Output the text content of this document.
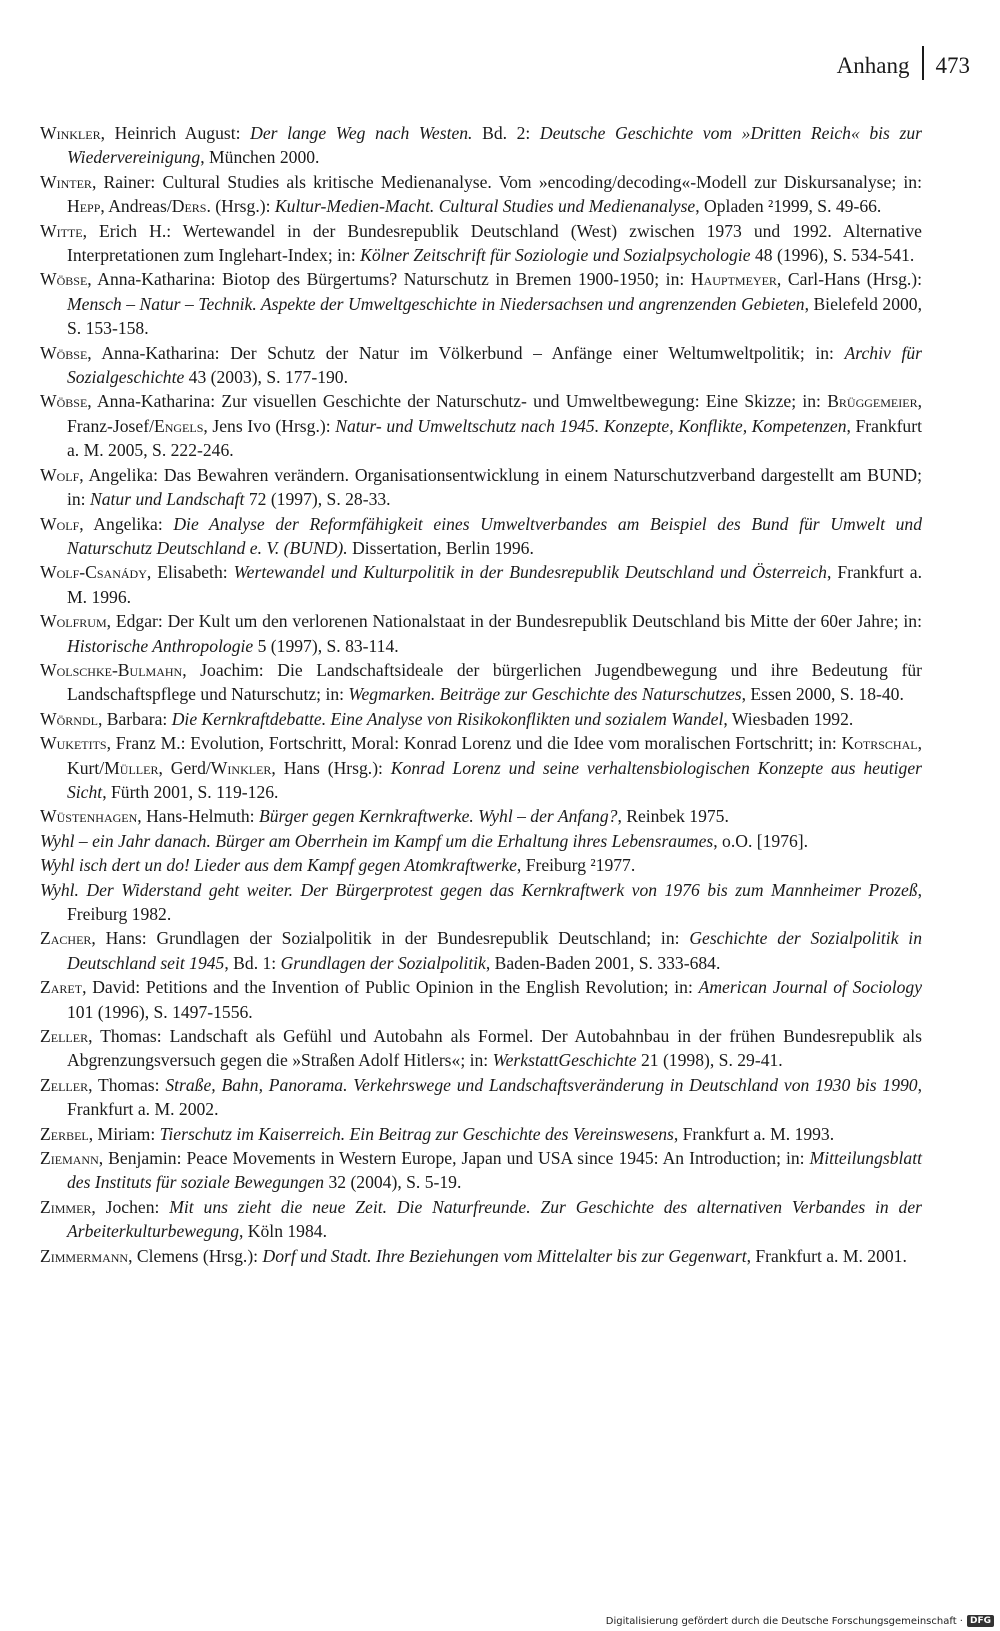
Anhang	473

Winkler, Heinrich August: Der lange Weg nach Westen. Bd. 2: Deutsche Geschichte vom »Dritten Reich« bis zur Wiedervereinigung, München 2000.

Winter, Rainer: Cultural Studies als kritische Medienanalyse. Vom »encoding/decoding«-Modell zur Diskursanalyse; in: Hepp, Andreas/Ders. (Hrsg.): Kultur-Medien-Macht. Cultural Studies und Medienanalyse, Opladen ²1999, S. 49-66.

Witte, Erich H.: Wertewandel in der Bundesrepublik Deutschland (West) zwischen 1973 und 1992. Alternative Interpretationen zum Inglehart-Index; in: Kölner Zeitschrift für Soziologie und Sozialpsychologie 48 (1996), S. 534-541.

Wöbse, Anna-Katharina: Biotop des Bürgertums? Naturschutz in Bremen 1900-1950; in: Hauptmeyer, Carl-Hans (Hrsg.): Mensch – Natur – Technik. Aspekte der Umweltgeschichte in Niedersachsen und angrenzenden Gebieten, Bielefeld 2000, S. 153-158.

Wöbse, Anna-Katharina: Der Schutz der Natur im Völkerbund – Anfänge einer Weltumweltpolitik; in: Archiv für Sozialgeschichte 43 (2003), S. 177-190.

Wöbse, Anna-Katharina: Zur visuellen Geschichte der Naturschutz- und Umweltbewegung: Eine Skizze; in: Brüggemeier, Franz-Josef/Engels, Jens Ivo (Hrsg.): Natur- und Umweltschutz nach 1945. Konzepte, Konflikte, Kompetenzen, Frankfurt a. M. 2005, S. 222-246.

Wolf, Angelika: Das Bewahren verändern. Organisationsentwicklung in einem Naturschutzverband dargestellt am BUND; in: Natur und Landschaft 72 (1997), S. 28-33.

Wolf, Angelika: Die Analyse der Reformfähigkeit eines Umweltverbandes am Beispiel des Bund für Umwelt und Naturschutz Deutschland e. V. (BUND). Dissertation, Berlin 1996.

Wolf-Csanády, Elisabeth: Wertewandel und Kulturpolitik in der Bundesrepublik Deutschland und Österreich, Frankfurt a. M. 1996.

Wolfrum, Edgar: Der Kult um den verlorenen Nationalstaat in der Bundesrepublik Deutschland bis Mitte der 60er Jahre; in: Historische Anthropologie 5 (1997), S. 83-114.

Wolschke-Bulmahn, Joachim: Die Landschaftsideale der bürgerlichen Jugendbewegung und ihre Bedeutung für Landschaftspflege und Naturschutz; in: Wegmarken. Beiträge zur Geschichte des Naturschutzes, Essen 2000, S. 18-40.

Wörndl, Barbara: Die Kernkraftdebatte. Eine Analyse von Risikokonflikten und sozialem Wandel, Wiesbaden 1992.

Wuketits, Franz M.: Evolution, Fortschritt, Moral: Konrad Lorenz und die Idee vom moralischen Fortschritt; in: Kotrschal, Kurt/Müller, Gerd/Winkler, Hans (Hrsg.): Konrad Lorenz und seine verhaltensbiologischen Konzepte aus heutiger Sicht, Fürth 2001, S. 119-126.

Wüstenhagen, Hans-Helmuth: Bürger gegen Kernkraftwerke. Wyhl – der Anfang?, Reinbek 1975.

Wyhl – ein Jahr danach. Bürger am Oberrhein im Kampf um die Erhaltung ihres Lebensraumes, o.O. [1976].

Wyhl isch dert un do! Lieder aus dem Kampf gegen Atomkraftwerke, Freiburg ²1977.

Wyhl. Der Widerstand geht weiter. Der Bürgerprotest gegen das Kernkraftwerk von 1976 bis zum Mannheimer Prozeß, Freiburg 1982.

Zacher, Hans: Grundlagen der Sozialpolitik in der Bundesrepublik Deutschland; in: Geschichte der Sozialpolitik in Deutschland seit 1945, Bd. 1: Grundlagen der Sozialpolitik, Baden-Baden 2001, S. 333-684.

Zaret, David: Petitions and the Invention of Public Opinion in the English Revolution; in: American Journal of Sociology 101 (1996), S. 1497-1556.

Zeller, Thomas: Landschaft als Gefühl und Autobahn als Formel. Der Autobahnbau in der frühen Bundesrepublik als Abgrenzungsversuch gegen die »Straßen Adolf Hitlers«; in: WerkstattGeschichte 21 (1998), S. 29-41.

Zeller, Thomas: Straße, Bahn, Panorama. Verkehrswege und Landschaftsveränderung in Deutschland von 1930 bis 1990, Frankfurt a. M. 2002.

Zerbel, Miriam: Tierschutz im Kaiserreich. Ein Beitrag zur Geschichte des Vereinswesens, Frankfurt a. M. 1993.

Ziemann, Benjamin: Peace Movements in Western Europe, Japan und USA since 1945: An Introduction; in: Mitteilungsblatt des Instituts für soziale Bewegungen 32 (2004), S. 5-19.

Zimmer, Jochen: Mit uns zieht die neue Zeit. Die Naturfreunde. Zur Geschichte des alternativen Verbandes in der Arbeiterkulturbewegung, Köln 1984.

Zimmermann, Clemens (Hrsg.): Dorf und Stadt. Ihre Beziehungen vom Mittelalter bis zur Gegenwart, Frankfurt a. M. 2001.

Digitalisierung gefördert durch die Deutsche Forschungsgemeinschaft · DFG
